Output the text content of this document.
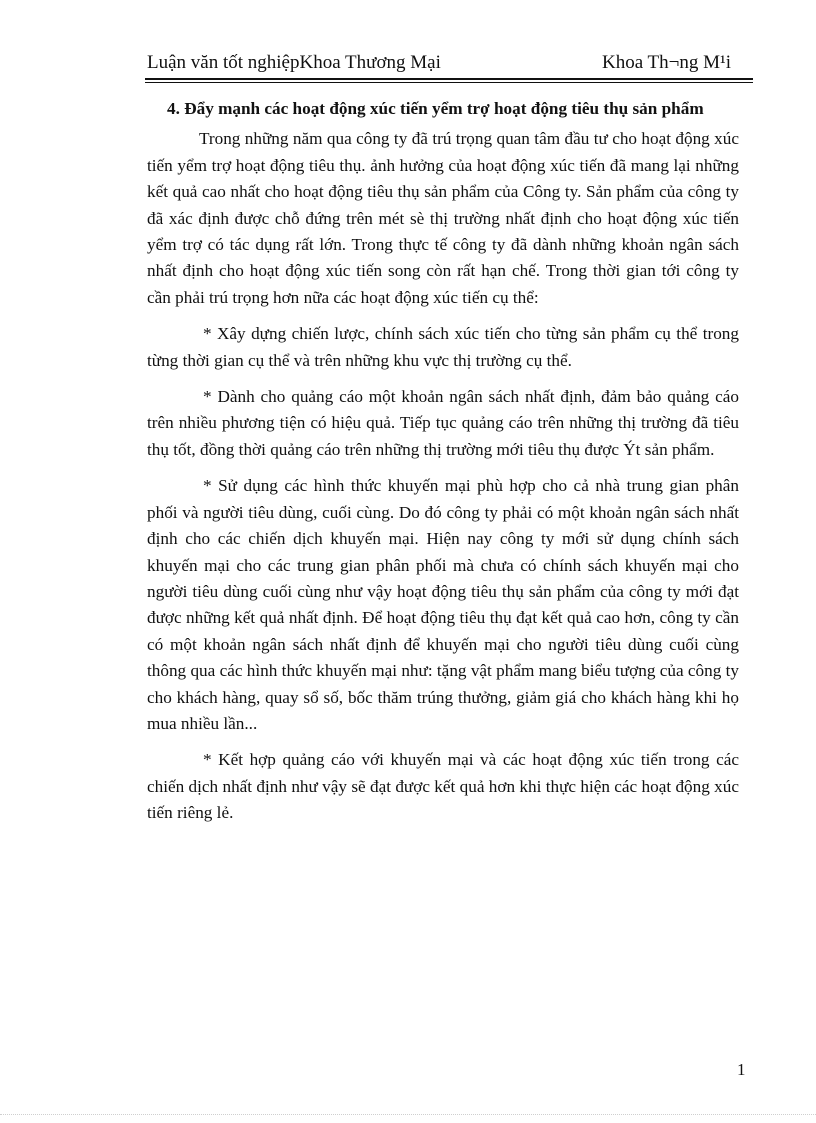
Luận văn tốt nghiệpKhoa Thương Mại	Khoa Th¬ng M¹i

4. Đẩy mạnh các hoạt động xúc tiến yểm trợ hoạt động tiêu thụ sản phẩm

Trong những năm qua công ty đã trú trọng quan tâm đầu tư cho hoạt động xúc tiến yểm trợ hoạt động tiêu thụ. ảnh hưởng của hoạt động xúc tiến đã mang lại những kết quả cao nhất cho hoạt động tiêu thụ sản phẩm của Công ty. Sản phẩm của công ty đã xác định được chỗ đứng trên mét sè thị trường nhất định cho hoạt động xúc tiến yểm trợ có tác dụng rất lớn. Trong thực tế công ty đã dành những khoản ngân sách nhất định cho hoạt động xúc tiến song còn rất hạn chế. Trong thời gian tới công ty cần phải trú trọng hơn nữa các hoạt động xúc tiến cụ thể:

* Xây dựng chiến lược, chính sách xúc tiến cho từng sản phẩm cụ thể trong từng thời gian cụ thể và trên những khu vực thị trường cụ thể.

* Dành cho quảng cáo một khoản ngân sách nhất định, đảm bảo quảng cáo trên nhiều phương tiện có hiệu quả. Tiếp tục quảng cáo trên những thị trường đã tiêu thụ tốt, đồng thời quảng cáo trên những thị trường mới tiêu thụ được Ýt sản phẩm.

* Sử dụng các hình thức khuyến mại phù hợp cho cả nhà trung gian phân phối và người tiêu dùng, cuối cùng. Do đó công ty phải có một khoản ngân sách nhất định cho các chiến dịch khuyến mại. Hiện nay công ty mới sử dụng chính sách khuyến mại cho các trung gian phân phối mà chưa có chính sách khuyến mại cho người tiêu dùng cuối cùng như vậy hoạt động tiêu thụ sản phẩm của công ty mới đạt được những kết quả nhất định. Để hoạt động tiêu thụ đạt kết quả cao hơn, công ty cần có một khoản ngân sách nhất định để khuyến mại cho người tiêu dùng cuối cùng thông qua các hình thức khuyến mại như: tặng vật phẩm mang biểu tượng của công ty cho khách hàng, quay sổ số, bốc thăm trúng thưởng, giảm giá cho khách hàng khi họ mua nhiều lần...

* Kết hợp quảng cáo với khuyến mại và các hoạt động xúc tiến trong các chiến dịch nhất định như vậy sẽ đạt được kết quả hơn khi thực hiện các hoạt động xúc tiến riêng lẻ.

1
